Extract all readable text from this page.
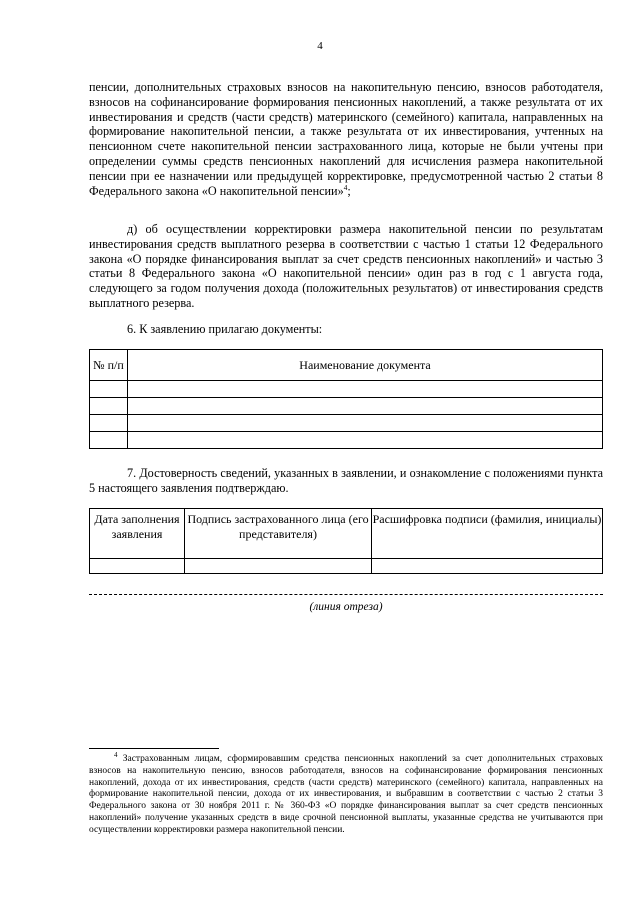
4

пенсии, дополнительных страховых взносов на накопительную пенсию, взносов работодателя, взносов на софинансирование формирования пенсионных накоплений, а также результата от их инвестирования и средств (части средств) материнского (семейного) капитала, направленных на формирование накопительной пенсии, а также результата от их инвестирования, учтенных на пенсионном счете накопительной пенсии застрахованного лица, которые не были учтены при определении суммы средств пенсионных накоплений для исчисления размера накопительной пенсии при ее назначении или предыдущей корректировке, предусмотренной частью 2 статьи 8 Федерального закона «О накопительной пенсии»$^4$;

д) об осуществлении корректировки размера накопительной пенсии по результатам инвестирования средств выплатного резерва в соответствии с частью 1 статьи 12 Федерального закона «О порядке финансирования выплат за счет средств пенсионных накоплений» и частью 3 статьи 8 Федерального закона «О накопительной пенсии» один раз в год с 1 августа года, следующего за годом получения дохода (положительных результатов) от инвестирования средств выплатного резерва.

6. К заявлению прилагаю документы:

№ п/п	Наименование документа

7. Достоверность сведений, указанных в заявлении, и ознакомление с положениями пункта 5 настоящего заявления подтверждаю.

Дата заполнения заявления	Подпись застрахованного лица (его представителя)	Расшифровка подписи (фамилия, инициалы)

(линия отреза)

$^4$ Застрахованным лицам, сформировавшим средства пенсионных накоплений за счет дополнительных страховых взносов на накопительную пенсию, взносов работодателя, взносов на софинансирование формирования пенсионных накоплений, дохода от их инвестирования, средств (части средств) материнского (семейного) капитала, направленных на формирование накопительной пенсии, дохода от их инвестирования, и выбравшим в соответствии с частью 2 статьи 3 Федерального закона от 30 ноября 2011 г. № 360-ФЗ «О порядке финансирования выплат за счет средств пенсионных накоплений» получение указанных средств в виде срочной пенсионной выплаты, указанные средства не учитываются при осуществлении корректировки размера накопительной пенсии.
